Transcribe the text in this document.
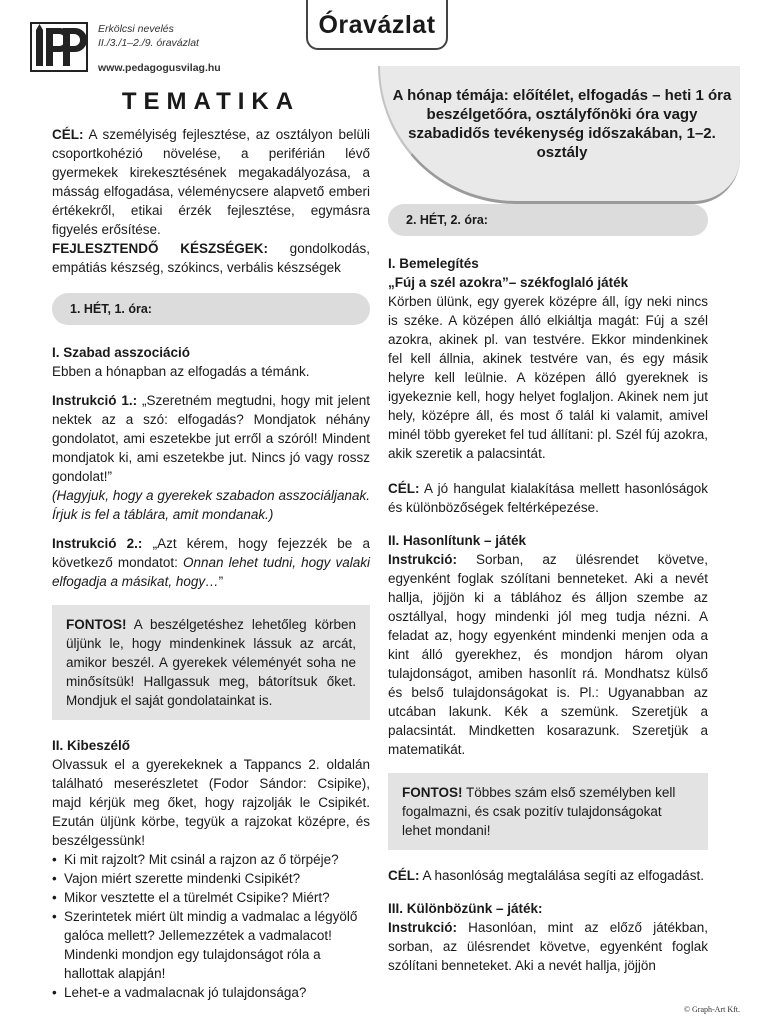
Erkölcsi nevelés
II./3./1–2./9. óravázlat
www.pedagogusvilag.hu
Óravázlat
A hónap témája: előítélet, elfogadás – heti 1 óra beszélgetőóra, osztályfőnöki óra vagy szabadidős tevékenység időszakában, 1–2. osztály
TEMATIKA

CÉL: A személyiség fejlesztése, az osztályon belüli csoportkohézió növelése, a periférián lévő gyermekek kirekesztésének megakadályozása, a másság elfogadása, véleménycsere alapvető emberi értékekről, etikai érzék fejlesztése, egymásra figyelés erősítése.

FEJLESZTENDŐ KÉSZSÉGEK: gondolkodás, empátiás készség, szókincs, verbális készségek

1. HÉT, 1. óra:
I. Szabad asszociáció

Ebben a hónapban az elfogadás a témánk.

Instrukció 1.: „Szeretném megtudni, hogy mit jelent nektek az a szó: elfogadás? Mondjatok néhány gondolatot, ami eszetekbe jut erről a szóról! Mindent mondjatok ki, ami eszetekbe jut. Nincs jó vagy rossz gondolat!”

(Hagyjuk, hogy a gyerekek szabadon asszociáljanak. Írjuk is fel a táblára, amit mondanak.)

Instrukció 2.: „Azt kérem, hogy fejezzék be a következő mondatot: Onnan lehet tudni, hogy valaki elfogadja a másikat, hogy…”

FONTOS! A beszélgetéshez lehetőleg körben üljünk le, hogy mindenkinek lássuk az arcát, amikor beszél. A gyerekek véleményét soha ne minősítsük! Hallgassuk meg, bátorítsuk őket. Mondjuk el saját gondolatainkat is.
II. Kibeszélő

Olvassuk el a gyerekeknek a Tappancs 2. oldalán található meserészletet (Fodor Sándor: Csipike), majd kérjük meg őket, hogy rajzolják le Csipikét. Ezután üljünk körbe, tegyük a rajzokat középre, és beszélgessünk!

• Ki mit rajzolt? Mit csinál a rajzon az ő törpéje?
• Vajon miért szerette mindenki Csipikét?
• Mikor vesztette el a türelmét Csipike? Miért?
• Szerintetek miért ült mindig a vadmalac a légyölő galóca mellett? Jellemezzétek a vadmalacot! Mindenki mondjon egy tulajdonságot róla a hallottak alapján!
• Lehet-e a vadmalacnak jó tulajdonsága?
2. HÉT, 2. óra:
I. Bemelegítés
„Fúj a szél azokra”– székfoglaló játék

Körben ülünk, egy gyerek középre áll, így neki nincs is széke. A középen álló elkiáltja magát: Fúj a szél azokra, akinek pl. van testvére. Ekkor mindenkinek fel kell állnia, akinek testvére van, és egy másik helyre kell leülnie. A középen álló gyereknek is igyekeznie kell, hogy helyet foglaljon. Akinek nem jut hely, középre áll, és most ő talál ki valamit, amivel minél több gyereket fel tud állítani: pl. Szél fúj azokra, akik szeretik a palacsintát.

CÉL: A jó hangulat kialakítása mellett hasonlóságok és különbözőségek feltérképezése.

II. Hasonlítunk – játék

Instrukció: Sorban, az ülésrendet követve, egyenként foglak szólítani benneteket. Aki a nevét hallja, jöjjön ki a táblához és álljon szembe az osztállyal, hogy mindenki jól meg tudja nézni. A feladat az, hogy egyenként mindenki menjen oda a kint álló gyerekhez, és mondjon három olyan tulajdonságot, amiben hasonlít rá. Mondhatsz külső és belső tulajdonságokat is. Pl.: Ugyanabban az utcában lakunk. Kék a szemünk. Szeretjük a palacsintát. Mindketten kosarazunk. Szeretjük a matematikát.

FONTOS! Többes szám első személyben kell fogalmazni, és csak pozitív tulajdonságokat lehet mondani!

CÉL: A hasonlóság megtalálása segíti az elfogadást.

III. Különbözünk – játék:

Instrukció: Hasonlóan, mint az előző játékban, sorban, az ülésrendet követve, egyenként foglak szólítani benneteket. Aki a nevét hallja, jöjjön

© Graph-Art Kft.
